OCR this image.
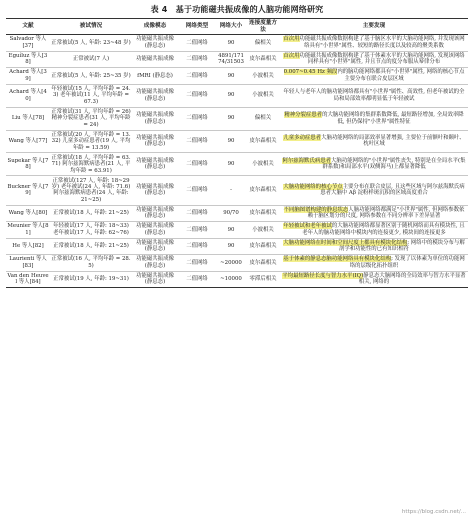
表 4　基于功能磁共振成像的人脑功能网络研究
文献	被试情况	成像模态	网络类型	网络大小	连接度量方法	主要发现
Salvador 等人[37]	正常被试(5 人, 年龄: 23~48 岁)	功能磁共振成像(静息态)	二值网络	90	偏相关	首次用功能磁共振成像数据构建了基于脑区水平的大脑功能网络, 并发现该网络具有"小世界"属性、较短的路径长度以及较高的聚类系数
Eguíluz 等人[38]	正常被试(7 人)	功能磁共振成像	二值网络	4891/17174/31503	皮尔森相关	首次用功能磁共振成像数据构建了基于体素水平的大脑功能网络, 发现该网络同样具有"小世界"属性, 并且节点的度分布服从幂律分布
Achard 等人[39]	正常被试(5 人, 年龄: 25~35 岁)	fMRI (静息态)	二值网络	90	小波相关	0.007~0.45 Hz 频段内的脑功能网络都具有"小世界"属性, 网络的核心节点主要分布在联合皮层区域
Achard 等人[40]	年轻被试(15 人, 平均年龄 = 24.3) 老年被试(11 人, 平均年龄 = 67.3)	功能磁共振成像(静息态)	二值网络	90	小波相关	年轻人与老年人的脑功能网络都具有"小世界"属性、高效性, 但老年被试的全局和局部效率都明显低于年轻被试
Liu 等人[78]	正常被试(31 人, 平均年龄 = 26) 精神分裂症患者(31 人, 平均年龄 = 24)	功能磁共振成像(静息态)	二值网络	90	偏相关	精神分裂症患者的大脑功能网络的集群系数降低, 最短路径增加, 全局效率降低, 但仍保持"小世界"属性特征
Wang 等人[77]	正常被试(20 人, 平均年龄 = 13.32) 儿童多动症患者(19 人, 平均年龄 = 13.59)	功能磁共振成像(静息态)	二值网络	90	皮尔森相关	儿童多动症患者大脑功能网络的局部效率显著增强, 主要位于前额叶和颞叶、枕叶区域
Supekar 等人[78]	正常被试(18 人, 平均年龄 = 63.71) 阿尔兹海默病患者(21 人, 平均年龄 = 63.91)	功能磁共振成像(静息态)	二值网络	90	小波相关	阿尔兹海默氏病患者大脑功能网络的"小世界"属性丧失, 特别是在全局水平(集群系数)和局部水平(双侧海马)上都显著降低
Buckner 等人[79]	正常被试(127 人, 年龄: 18~29 岁) 老年被试(24 人, 年龄: 71.6) 阿尔兹海默病患者(24 人, 年龄: 21~25)	功能磁共振成像(静息态)	二值网络	-	皮尔森相关	大脑功能网络的核心节点主要分布在联合皮层, 且这些区域与阿尔兹海默氏病患者大脑中 Aβ 淀粉样斑沉积的区域高度重合
Wang 等人[80]	正常被试(18 人, 年龄: 21~25)	功能磁共振成像(静息态)	二值网络	90/70	皮尔森相关	不同脑图谱构建的静息状态人脑功能网络都满足"小世界"属性, 但网络参数依赖于脑区划分的尺度, 网络参数在不同分辨率下差异显著
Meunier 等人[81]	年轻被试(17 人, 年龄: 18~33) 老年被试(17 人, 年龄: 62~76)	功能磁共振成像(静息态)	二值网络	90	小波相关	年轻被试和老年被试的大脑功能网络都显著区别于随机网络而具有模块性, 且老年人的脑功能网络中模块内的连接更少, 模块间的连接更多
He 等人[82]	正常被试(18 人, 年龄: 21~25)	功能磁共振成像(静息态)	二值网络	90	皮尔森相关	大脑功能网络在时间和空间尺度上都具有模块化结构; 网络中的模块分布与解剖学和功能性的已有知识相符
Laurienti 等人[83]	正常被试(16 人, 平均年龄 = 28.5)	功能磁共振成像(静息态)	二值网络	~20000	皮尔森相关	基于体素的静息态脑功能网络具有模块化结构; 发现了以体素为单位的功能网络的层级化拓扑组织
Van den Heuvel 等人[84]	正常被试(19 人, 年龄: 19~31)	功能磁共振成像(静息态)	二值网络	~10000	零滞后相关	平均最短路径长度与智力水平(IQ)静息态大脑网络的全局效率与智力水平显著相关, 网络的
https://blog.csdn.net/...
